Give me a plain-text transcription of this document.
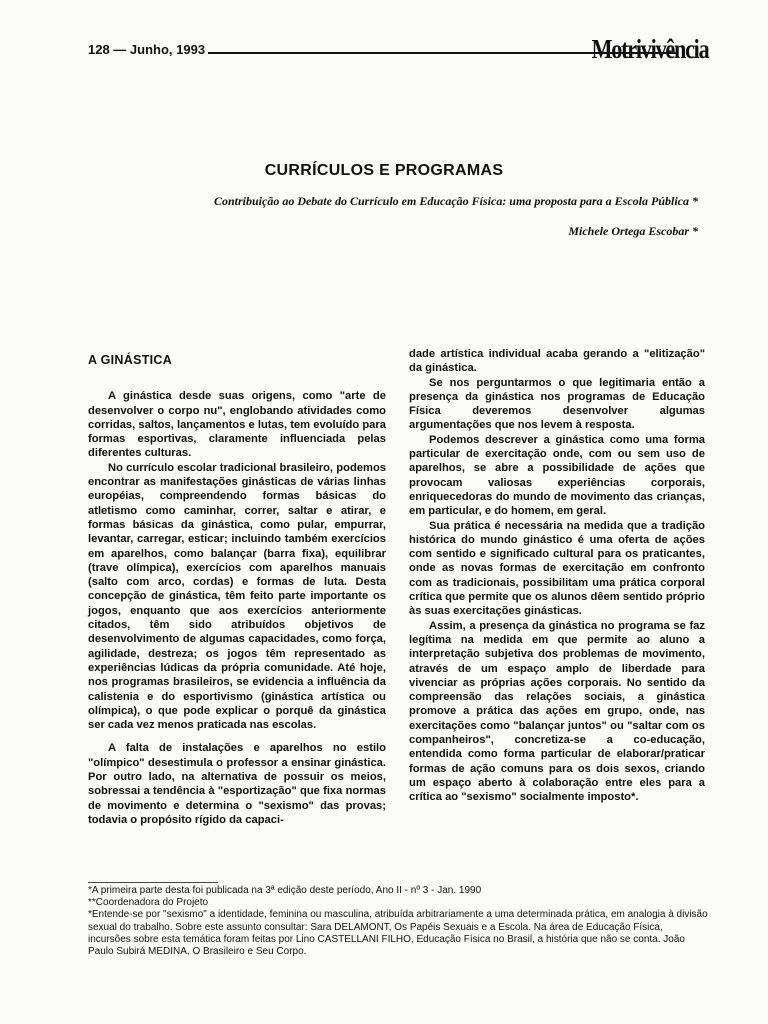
128 — Junho, 1993	Motrivivência
CURRÍCULOS E PROGRAMAS
Contribuição ao Debate do Currículo em Educação Física: uma proposta para a Escola Pública *
Michele Ortega Escobar *
A GINÁSTICA

A ginástica desde suas origens, como "arte de desenvolver o corpo nu", englobando atividades como corridas, saltos, lançamentos e lutas, tem evoluído para formas esportivas, claramente influenciada pelas diferentes culturas.

No currículo escolar tradicional brasileiro, podemos encontrar as manifestações ginásticas de várias linhas européias, compreendendo formas básicas do atletismo como caminhar, correr, saltar e atirar, e formas básicas da ginástica, como pular, empurrar, levantar, carregar, esticar; incluindo também exercícios em aparelhos, como balançar (barra fixa), equilibrar (trave olímpica), exercícios com aparelhos manuais (salto com arco, cordas) e formas de luta. Desta concepção de ginástica, têm feito parte importante os jogos, enquanto que aos exercícios anteriormente citados, têm sido atribuídos objetivos de desenvolvimento de algumas capacidades, como força, agilidade, destreza; os jogos têm representado as experiências lúdicas da própria comunidade. Até hoje, nos programas brasileiros, se evidencia a influência da calistenia e do esportivismo (ginástica artística ou olímpica), o que pode explicar o porquê da ginástica ser cada vez menos praticada nas escolas.

A falta de instalações e aparelhos no estilo "olímpico" desestimula o professor a ensinar ginástica. Por outro lado, na alternativa de possuir os meios, sobressai a tendência à "esportização" que fixa normas de movimento e determina o "sexismo" das provas; todavia o propósito rígido da capaci-

dade artística individual acaba gerando a "elitização" da ginástica.

Se nos perguntarmos o que legitimaria então a presença da ginástica nos programas de Educação Física deveremos desenvolver algumas argumentações que nos levem à resposta.

Podemos descrever a ginástica como uma forma particular de exercitação onde, com ou sem uso de aparelhos, se abre a possibilidade de ações que provocam valiosas experiências corporais, enriquecedoras do mundo de movimento das crianças, em particular, e do homem, em geral.

Sua prática é necessária na medida que a tradição histórica do mundo ginástico é uma oferta de ações com sentido e significado cultural para os praticantes, onde as novas formas de exercitação em confronto com as tradicionais, possibilitam uma prática corporal crítica que permite que os alunos dêem sentido próprio às suas exercitações ginásticas.

Assim, a presença da ginástica no programa se faz legítima na medida em que permite ao aluno a interpretação subjetiva dos problemas de movimento, através de um espaço amplo de liberdade para vivenciar as próprias ações corporais. No sentido da compreensão das relações sociais, a ginástica promove a prática das ações em grupo, onde, nas exercitações como "balançar juntos" ou "saltar com os companheiros", concretiza-se a co-educação, entendida como forma particular de elaborar/praticar formas de ação comuns para os dois sexos, criando um espaço aberto à colaboração entre eles para a crítica ao "sexismo" socialmente imposto*.

*A primeira parte desta foi publicada na 3ª edição deste período, Ano II - nº 3 - Jan. 1990

**Coordenadora do Projeto

*Entende-se por "sexismo" a identidade, feminina ou masculina, atribuída arbitrariamente a uma determinada prática, em analogia à divisão sexual do trabalho. Sobre este assunto consultar: Sara DELAMONT, Os Papéis Sexuais e a Escola. Na área de Educação Física, incursões sobre esta temática foram feitas por Lino CASTELLANI FILHO, Educação Física no Brasil, a história que não se conta. João Paulo Subirá MEDINA, O Brasileiro e Seu Corpo.
